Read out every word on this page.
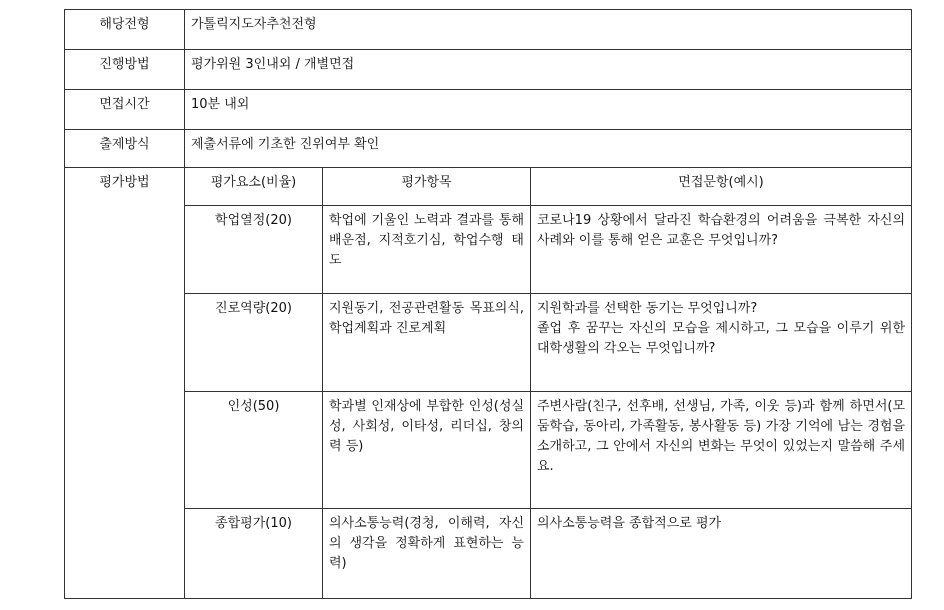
해당전형	가톨릭지도자추천전형		
진행방법	평가위원 3인내외 / 개별면접		
면접시간	10분 내외		
출제방식	제출서류에 기초한 진위여부 확인		
평가방법	평가요소(비율)	평가항목	면접문항(예시)
	학업열정(20)	학업에 기울인 노력과 결과를 통해 배운점, 지적호기심, 학업수행 태도	코로나19 상황에서 달라진 학습환경의 어려움을 극복한 자신의 사례와 이를 통해 얻은 교훈은 무엇입니까?
	진로역량(20)	지원동기, 전공관련활동 목표의식, 학업계획과 진로계획	지원학과를 선택한 동기는 무엇입니까?
졸업 후 꿈꾸는 자신의 모습을 제시하고, 그 모습을 이루기 위한 대학생활의 각오는 무엇입니까?

	인성(50)	학과별 인재상에 부합한 인성(성실성, 사회성, 이타성, 리더십, 창의력 등)	주변사람(친구, 선후배, 선생님, 가족, 이웃 등)과 함께 하면서(모둠학습, 동아리, 가족활동, 봉사활동 등) 가장 기억에 남는 경험을 소개하고, 그 안에서 자신의 변화는 무엇이 있었는지 말씀해 주세요.
	종합평가(10)	의사소통능력(경청, 이해력, 자신의 생각을 정확하게 표현하는 능력)	의사소통능력을 종합적으로 평가
